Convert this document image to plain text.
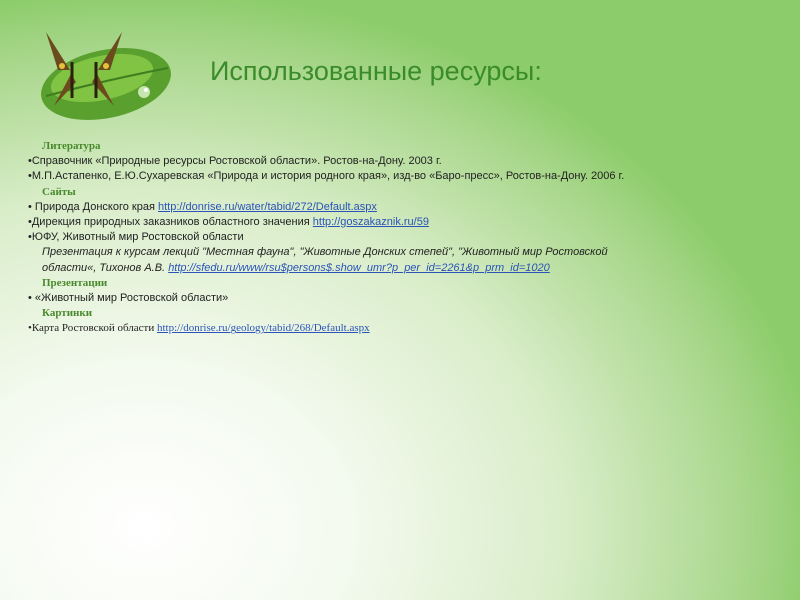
Использованные ресурсы:
Литература
• Справочник «Природные ресурсы Ростовской области». Ростов-на-Дону. 2003 г.
• М.П.Астапенко, Е.Ю.Сухаревская «Природа и история родного края», изд-во «Баро-пресс», Ростов-на-Дону. 2006 г.
Сайты
• Природа Донского края http://donrise.ru/water/tabid/272/Default.aspx
• Дирекция природных заказников областного значения http://goszakaznik.ru/59
• ЮФУ, Животный мир Ростовской области
Презентация к курсам лекций "Местная фауна", "Животные Донских степей", "Животный мир Ростовской
области«, Тихонов А.В. http://sfedu.ru/www/rsu$persons$.show_umr?p_per_id=2261&p_prm_id=1020
Презентации
• «Животный мир Ростовской области»
Картинки
• Карта Ростовской области http://donrise.ru/geology/tabid/268/Default.aspx
